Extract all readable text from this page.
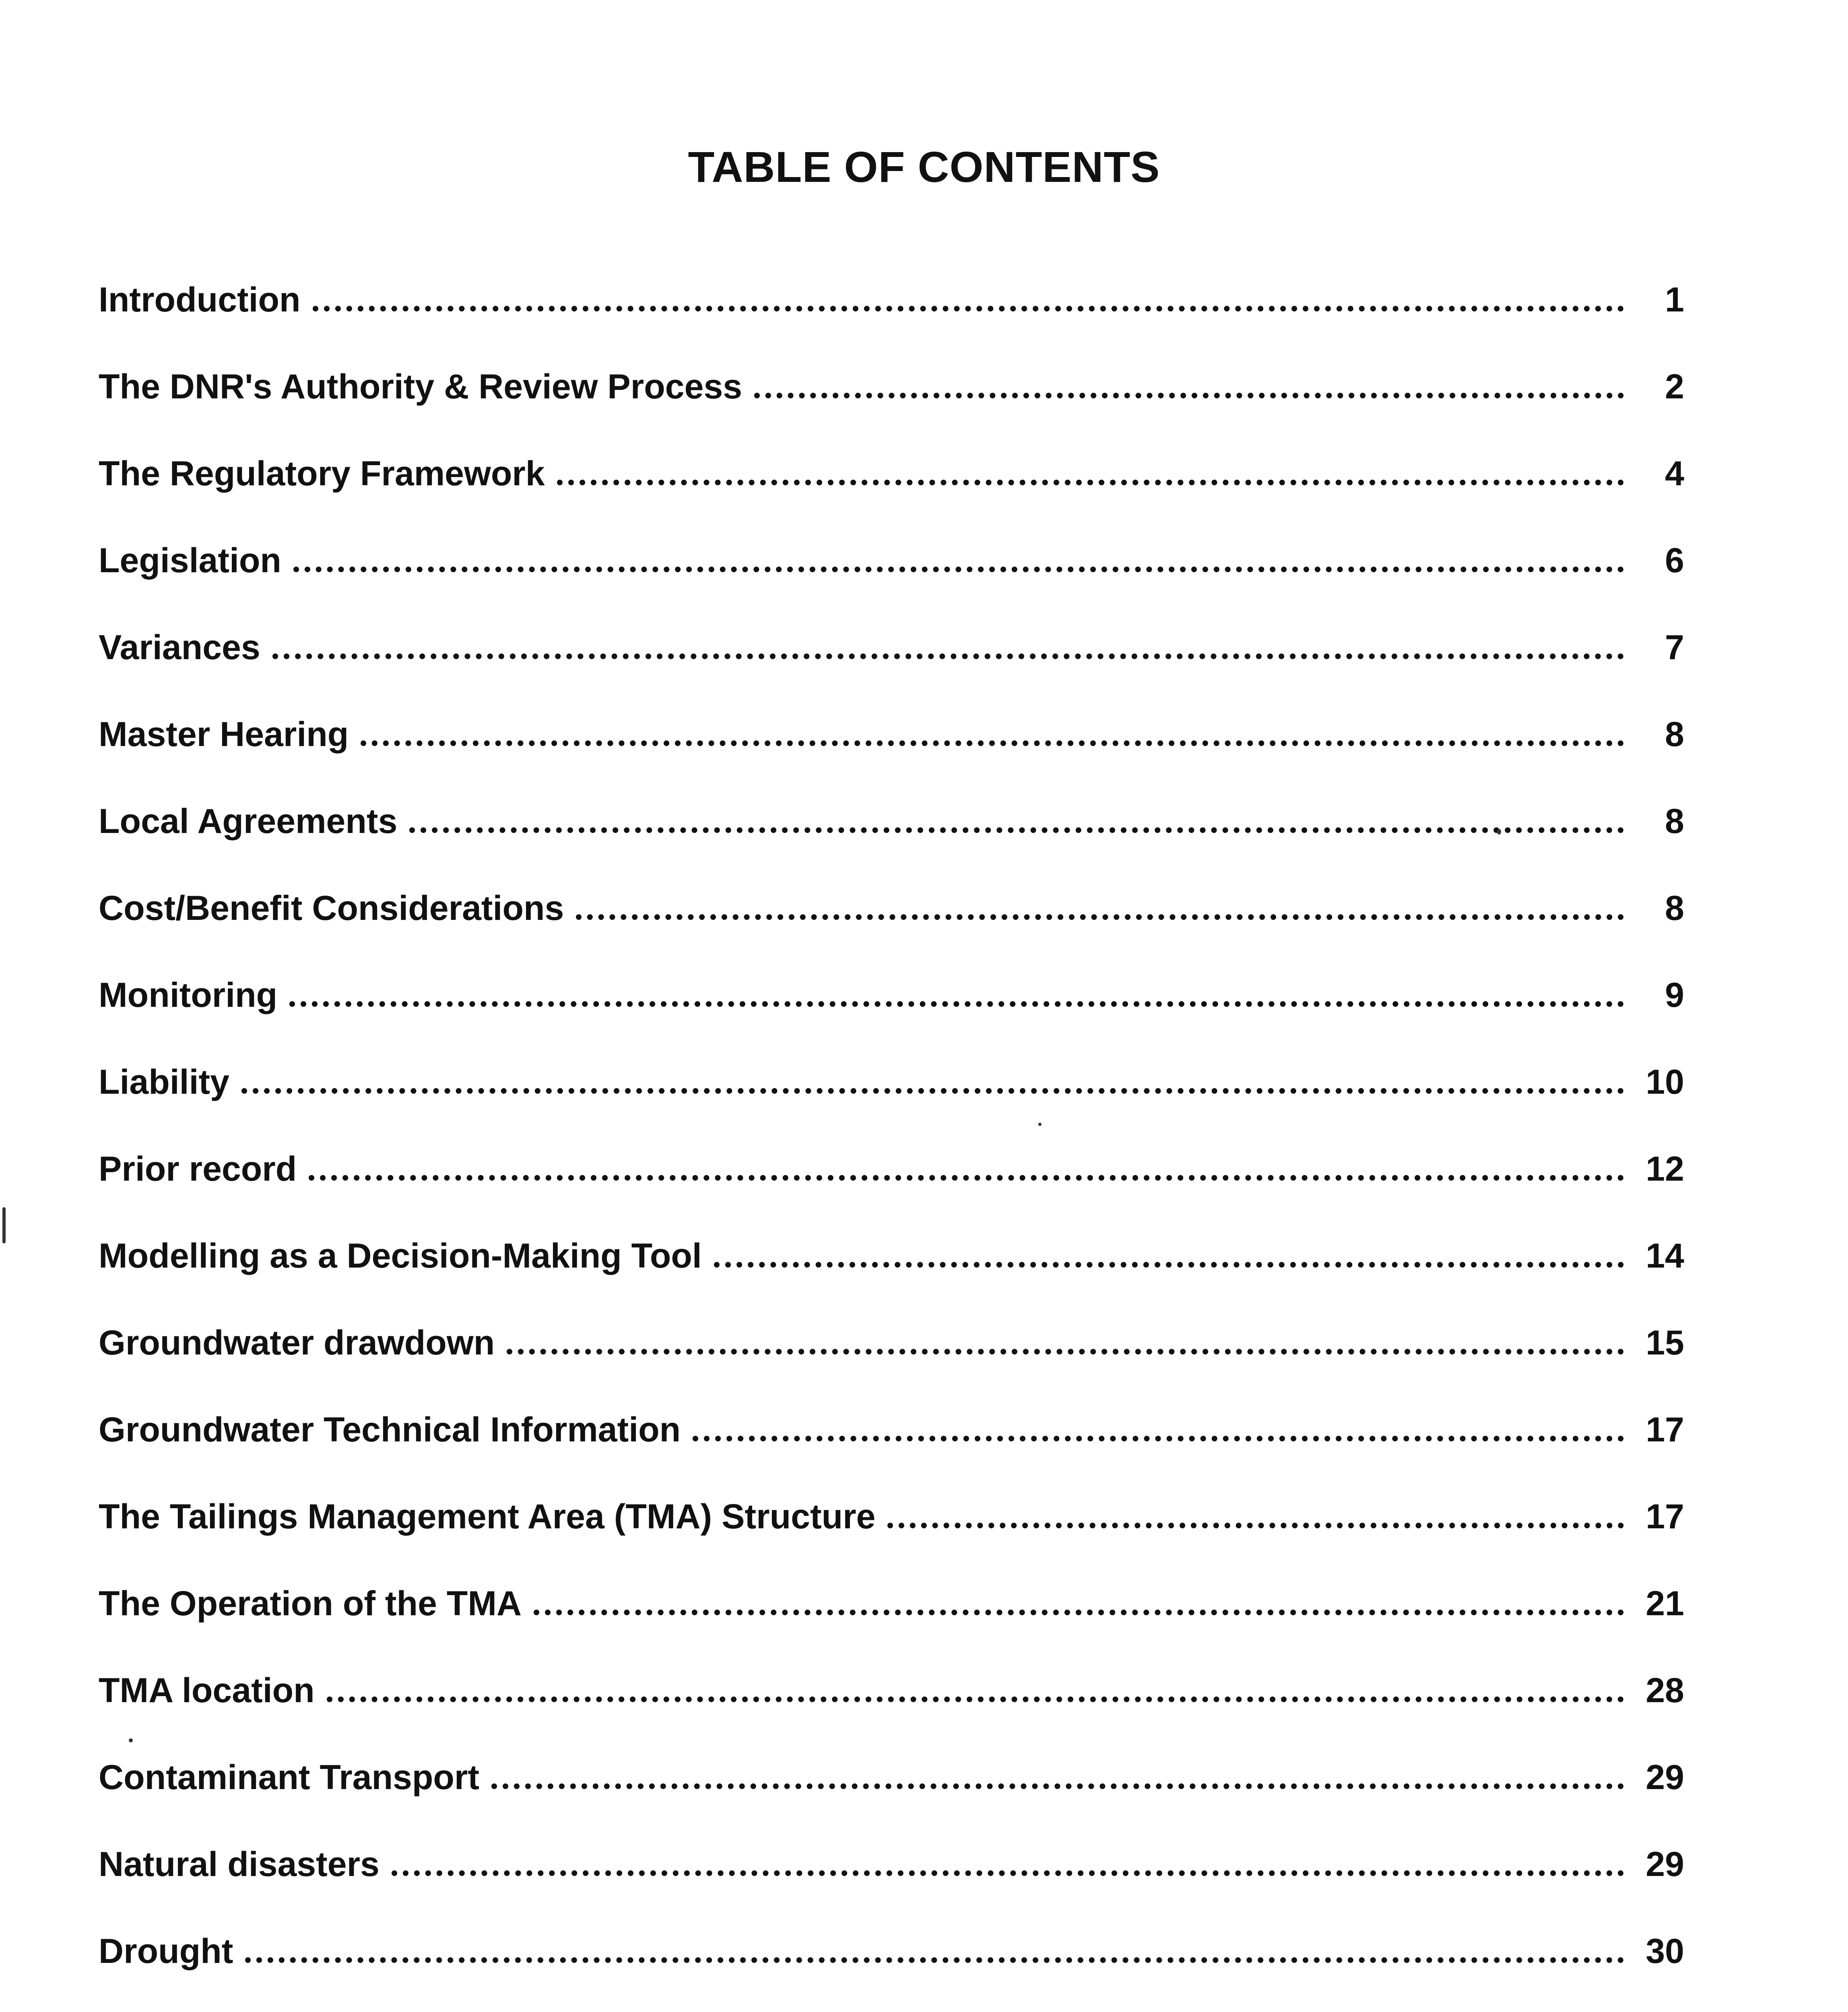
TABLE OF CONTENTS
Introduction	1
The DNR's Authority & Review Process	2
The Regulatory Framework	4
Legislation	6
Variances	7
Master Hearing	8
Local Agreements	8
Cost/Benefit Considerations	8
Monitoring	9
Liability	10
Prior record	12
Modelling as a Decision-Making Tool	14
Groundwater drawdown	15
Groundwater Technical Information	17
The Tailings Management Area (TMA) Structure	17
The Operation of the TMA	21
TMA location	28
Contaminant Transport	29
Natural disasters	29
Drought	30
